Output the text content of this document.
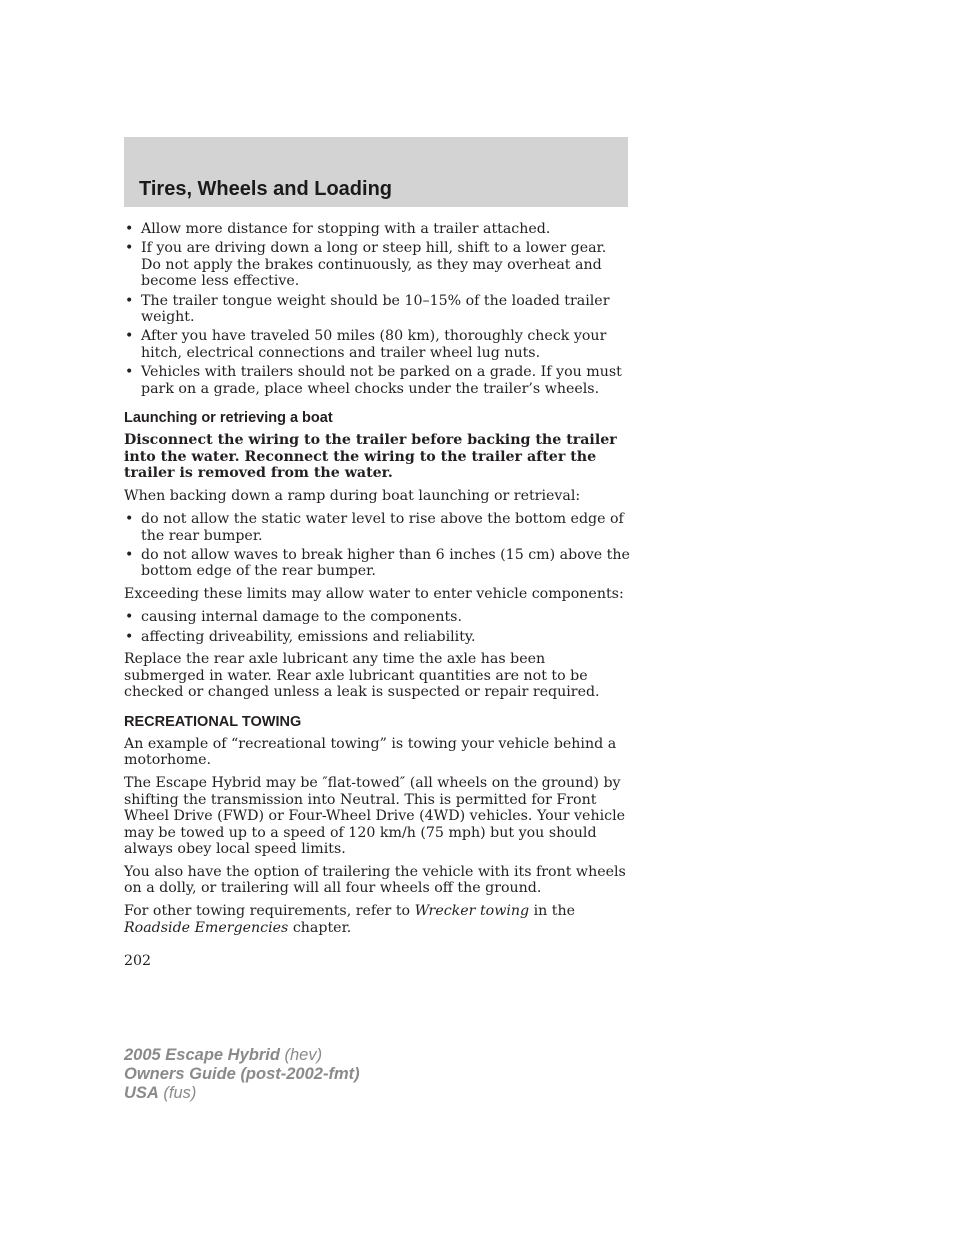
Tires, Wheels and Loading
• Allow more distance for stopping with a trailer attached.
• If you are driving down a long or steep hill, shift to a lower gear. Do not apply the brakes continuously, as they may overheat and become less effective.
• The trailer tongue weight should be 10–15% of the loaded trailer weight.
• After you have traveled 50 miles (80 km), thoroughly check your hitch, electrical connections and trailer wheel lug nuts.
• Vehicles with trailers should not be parked on a grade. If you must park on a grade, place wheel chocks under the trailer’s wheels.
Launching or retrieving a boat

Disconnect the wiring to the trailer before backing the trailer into the water. Reconnect the wiring to the trailer after the trailer is removed from the water.

When backing down a ramp during boat launching or retrieval:

• do not allow the static water level to rise above the bottom edge of the rear bumper.
• do not allow waves to break higher than 6 inches (15 cm) above the bottom edge of the rear bumper.

Exceeding these limits may allow water to enter vehicle components:

• causing internal damage to the components.
• affecting driveability, emissions and reliability.

Replace the rear axle lubricant any time the axle has been submerged in water. Rear axle lubricant quantities are not to be checked or changed unless a leak is suspected or repair required.

RECREATIONAL TOWING

An example of “recreational towing” is towing your vehicle behind a motorhome.

The Escape Hybrid may be ″flat-towed″ (all wheels on the ground) by shifting the transmission into Neutral. This is permitted for Front Wheel Drive (FWD) or Four-Wheel Drive (4WD) vehicles. Your vehicle may be towed up to a speed of 120 km/h (75 mph) but you should always obey local speed limits.

You also have the option of trailering the vehicle with its front wheels on a dolly, or trailering will all four wheels off the ground.

For other towing requirements, refer to Wrecker towing in the Roadside Emergencies chapter.

202
2005 Escape Hybrid (hev)
Owners Guide (post-2002-fmt)
USA (fus)
